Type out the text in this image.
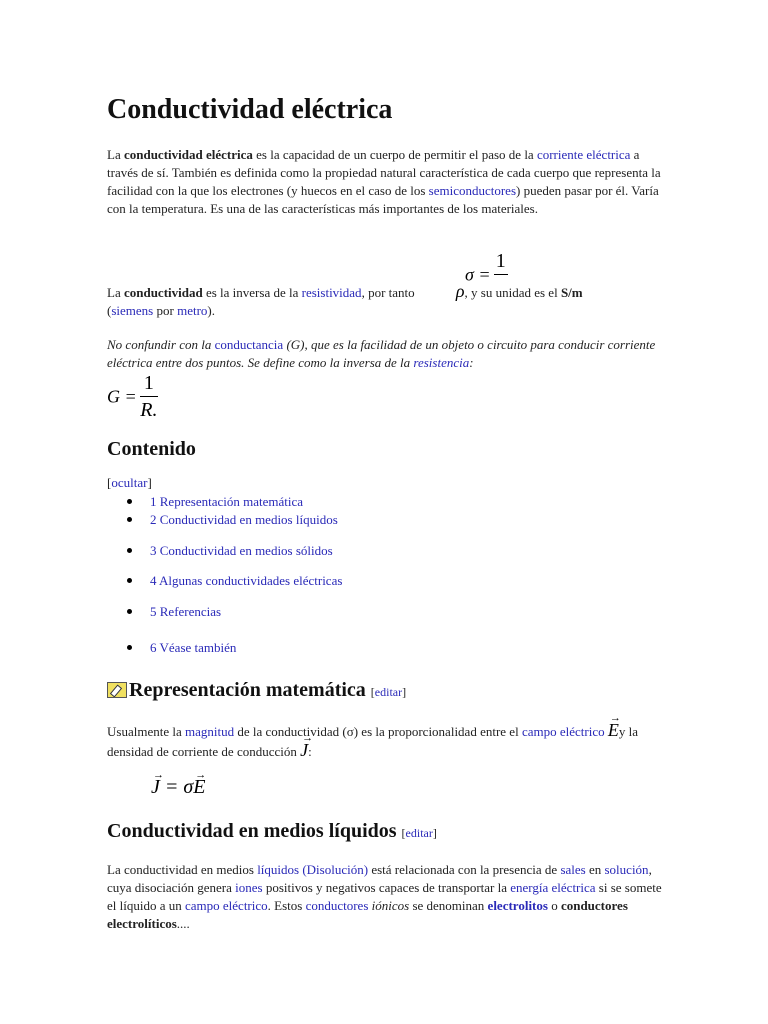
Conductividad eléctrica

La conductividad eléctrica es la capacidad de un cuerpo de permitir el paso de la corriente eléctrica a través de sí. También es definida como la propiedad natural característica de cada cuerpo que representa la facilidad con la que los electrones (y huecos en el caso de los semiconductores) pueden pasar por él. Varía con la temperatura. Es una de las características más importantes de los materiales.

σ =
1

La conductividad es la inversa de la resistividad, por tanto ρ, y su unidad es el S/m
(siemens por metro).

No confundir con la conductancia (G), que es la facilidad de un objeto o circuito para conducir corriente eléctrica entre dos puntos. Se define como la inversa de la resistencia:

$G = \frac{1}{R.}$
Contenido
[ocultar]
1 Representación matemática
2 Conductividad en medios líquidos
3 Conductividad en medios sólidos
4 Algunas conductividades eléctricas
5 Referencias
6 Véase también
Representación matemática [editar]

Usualmente la magnitud de la conductividad (σ) es la proporcionalidad entre el campo eléctrico → Ey la densidad de corriente de conducción → J:

→ J = σ→ E
Conductividad en medios líquidos [editar]

La conductividad en medios líquidos (Disolución) está relacionada con la presencia de sales en solución, cuya disociación genera iones positivos y negativos capaces de transportar la energía eléctrica si se somete el líquido a un campo eléctrico. Estos conductores iónicos se denominan electrolitos o conductores electrolíticos....
